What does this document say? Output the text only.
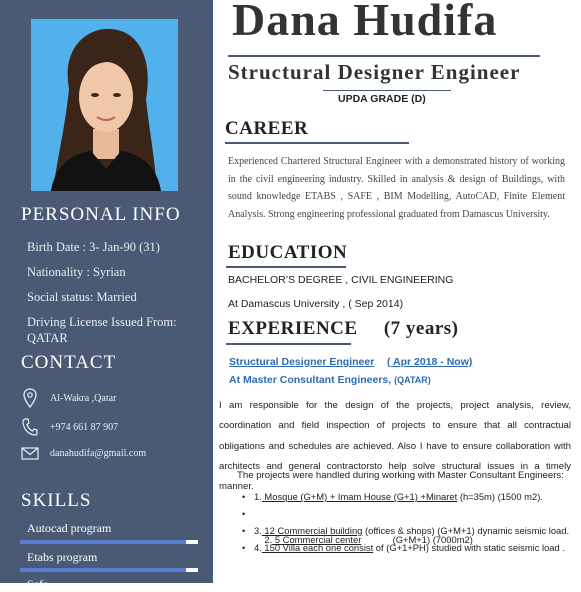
PERSONAL INFO
Birth Date : 3- Jan-90 (31)
Nationality : Syrian
Social status: Married
Driving License Issued From:
QATAR
CONTACT
Al-Wakra ,Qatar
+974 661 87 907
danahudifa@gmail.com
SKILLS
Autocad program
Etabs program
Safe
Dana Hudifa
Structural Designer Engineer
UPDA GRADE (D)
CAREER
Experienced Chartered Structural Engineer with a demonstrated history of working in the civil engineering industry. Skilled in analysis & design of Buildings, with sound knowledge ETABS , SAFE , BIM Modelling, AutoCAD, Finite Element Analysis. Strong engineering professional graduated from Damascus University.
EDUCATION
BACHELOR’S DEGREE , CIVIL ENGINEERING
At Damascus University , ( Sep 2014)
EXPERIENCE     (7 years)
Structural Designer Engineer ( Apr 2018 - Now)
At Master Consultant Engineers, (QATAR)
I am responsible for the design of the projects, project analysis, review, coordination and field inspection of projects to ensure that all contractual obligations and schedules are achieved. Also I have to ensure collaboration with architects and general contractorsto help solve structural issues in a timely manner.
The projects were handled during working with Master Consultant Engineers:
• 1. Mosque (G+M) + Imam House (G+1) +Minaret (h=35m) (1500 m2).

•

2. 5 Commercial center            (G+M+1) (7000m2)

• 3. 12 Commercial building (offices & shops) (G+M+1) dynamic seismic load.
• 4. 150 Villa each one consist of (G+1+PH) studied with static seismic load .
